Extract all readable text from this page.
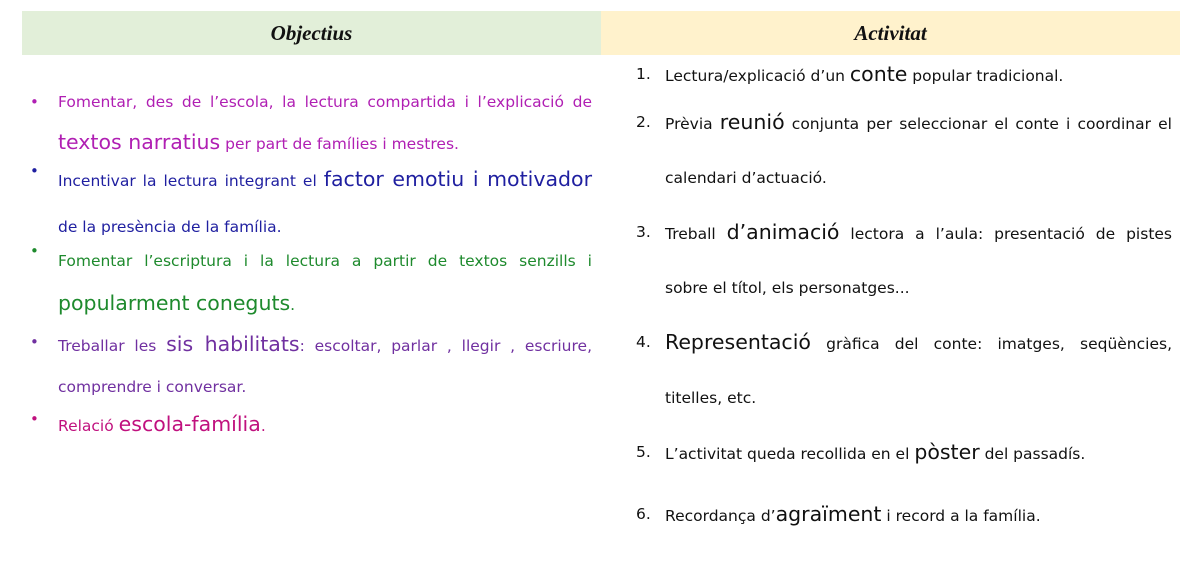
Objectius	Activitat
• Fomentar, des de l’escola, la lectura compartida i l’explicació de textos narratius per part de famílies i mestres.
•
Incentivar la lectura integrant el factor emotiu i motivador de la presència de la família.
•
Fomentar l’escriptura i la lectura a partir de textos senzills i popularment coneguts.
• Treballar les sis habilitats: escoltar, parlar , llegir , escriure, comprendre i conversar.
• Relació escola-família.
1. Lectura/explicació d’un conte popular tradicional.
2. Prèvia reunió conjunta per seleccionar el conte i coordinar el calendari d’actuació.
3. Treball d’animació lectora a l’aula: presentació de pistes sobre el títol, els personatges...
4. Representació gràfica del conte: imatges, seqüències, titelles, etc.
5. L’activitat queda recollida en el pòster del passadís.
6. Recordança d’agraïment i record a la família.
